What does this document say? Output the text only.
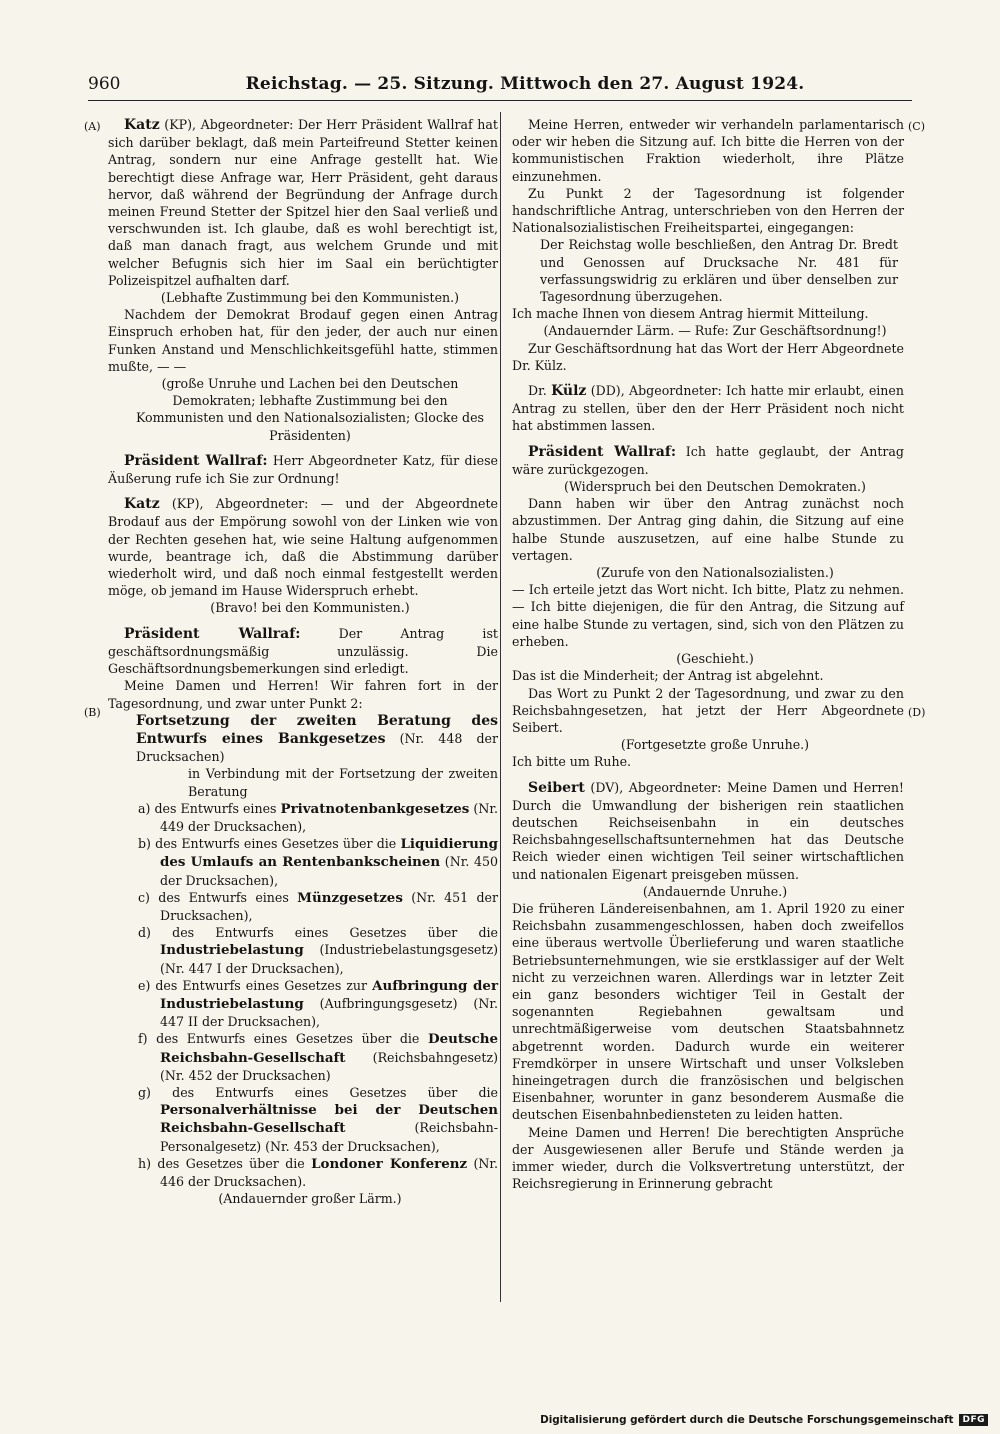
960	Reichstag. — 25. Sitzung. Mittwoch den 27. August 1924.
(A)
(B)
(C)
(D)

Katz (KP), Abgeordneter: Der Herr Präsident Wallraf hat sich darüber beklagt, daß mein Parteifreund Stetter keinen Antrag, sondern nur eine Anfrage gestellt hat. Wie berechtigt diese Anfrage war, Herr Präsident, geht daraus hervor, daß während der Begründung der Anfrage durch meinen Freund Stetter der Spitzel hier den Saal verließ und verschwunden ist. Ich glaube, daß es wohl berechtigt ist, daß man danach fragt, aus welchem Grunde und mit welcher Befugnis sich hier im Saal ein berüchtigter Polizeispitzel aufhalten darf.

(Lebhafte Zustimmung bei den Kommunisten.)

Nachdem der Demokrat Brodauf gegen einen Antrag Einspruch erhoben hat, für den jeder, der auch nur einen Funken Anstand und Menschlichkeitsgefühl hatte, stimmen mußte, — —

(große Unruhe und Lachen bei den Deutschen Demokraten; lebhafte Zustimmung bei den Kommunisten und den Nationalsozialisten; Glocke des Präsidenten)

Präsident Wallraf: Herr Abgeordneter Katz, für diese Äußerung rufe ich Sie zur Ordnung!

Katz (KP), Abgeordneter: — und der Abgeordnete Brodauf aus der Empörung sowohl von der Linken wie von der Rechten gesehen hat, wie seine Haltung aufgenommen wurde, beantrage ich, daß die Abstimmung darüber wiederholt wird, und daß noch einmal festgestellt werden möge, ob jemand im Hause Widerspruch erhebt.

(Bravo! bei den Kommunisten.)

Präsident Wallraf:	Der Antrag ist geschäftsordnungsmäßig unzulässig. Die Geschäftsordnungsbemerkungen sind erledigt.

Meine Damen und Herren! Wir fahren fort in der Tagesordnung, und zwar unter Punkt 2:

Fortsetzung der zweiten Beratung des Entwurfs eines Bankgesetzes (Nr. 448 der Drucksachen)

in Verbindung mit der Fortsetzung der zweiten Beratung

a) des Entwurfs eines Privatnotenbankgesetzes (Nr. 449 der Drucksachen),
b) des Entwurfs eines Gesetzes über die Liquidierung des Umlaufs an Rentenbankscheinen (Nr. 450 der Drucksachen),
c) des Entwurfs eines Münzgesetzes (Nr. 451 der Drucksachen),
d) des Entwurfs eines Gesetzes über die Industriebelastung (Industriebelastungsgesetz) (Nr. 447 I der Drucksachen),
e) des Entwurfs eines Gesetzes zur Aufbringung der Industriebelastung (Aufbringungsgesetz) (Nr. 447 II der Drucksachen),
f) des Entwurfs eines Gesetzes über die Deutsche Reichsbahn-Gesellschaft (Reichsbahngesetz) (Nr. 452 der Drucksachen)
g) des Entwurfs eines Gesetzes über die Personalverhältnisse bei der Deutschen Reichsbahn-Gesellschaft (Reichsbahn-Personalgesetz) (Nr. 453 der Drucksachen),
h) des Gesetzes über die Londoner Konferenz (Nr. 446 der Drucksachen).

(Andauernder großer Lärm.)

Meine Herren, entweder wir verhandeln parlamentarisch oder wir heben die Sitzung auf. Ich bitte die Herren von der kommunistischen Fraktion wiederholt, ihre Plätze einzunehmen.

Zu Punkt 2 der Tagesordnung ist folgender handschriftliche Antrag, unterschrieben von den Herren der Nationalsozialistischen Freiheitspartei, eingegangen:

Der Reichstag wolle beschließen, den Antrag Dr. Bredt und Genossen auf Drucksache Nr. 481 für verfassungswidrig zu erklären und über denselben zur Tagesordnung überzugehen.

Ich mache Ihnen von diesem Antrag hiermit Mitteilung.

(Andauernder Lärm. — Rufe: Zur Geschäftsordnung!)

Zur Geschäftsordnung hat das Wort der Herr Abgeordnete Dr. Külz.

Dr. Külz (DD), Abgeordneter: Ich hatte mir erlaubt, einen Antrag zu stellen, über den der Herr Präsident noch nicht hat abstimmen lassen.

Präsident Wallraf: Ich hatte geglaubt, der Antrag wäre zurückgezogen.

(Widerspruch bei den Deutschen Demokraten.)

Dann haben wir über den Antrag zunächst noch abzustimmen. Der Antrag ging dahin, die Sitzung auf eine halbe Stunde auszusetzen, auf eine halbe Stunde zu vertagen.

(Zurufe von den Nationalsozialisten.)

— Ich erteile jetzt das Wort nicht. Ich bitte, Platz zu nehmen. — Ich bitte diejenigen, die für den Antrag, die Sitzung auf eine halbe Stunde zu vertagen, sind, sich von den Plätzen zu erheben.

(Geschieht.)

Das ist die Minderheit; der Antrag ist abgelehnt.

Das Wort zu Punkt 2 der Tagesordnung, und zwar zu den Reichsbahngesetzen, hat jetzt der Herr Abgeordnete Seibert.

(Fortgesetzte große Unruhe.)

Ich bitte um Ruhe.

Seibert (DV), Abgeordneter: Meine Damen und Herren! Durch die Umwandlung der bisherigen rein staatlichen deutschen Reichseisenbahn in ein deutsches Reichsbahngesellschaftsunternehmen hat das Deutsche Reich wieder einen wichtigen Teil seiner wirtschaftlichen und nationalen Eigenart preisgeben müssen.

(Andauernde Unruhe.)

Die früheren Ländereisenbahnen, am 1. April 1920 zu einer Reichsbahn zusammengeschlossen, haben doch zweifellos eine überaus wertvolle Überlieferung und waren staatliche Betriebsunternehmungen, wie sie erstklassiger auf der Welt nicht zu verzeichnen waren. Allerdings war in letzter Zeit ein ganz besonders wichtiger Teil in Gestalt der sogenannten Regiebahnen gewaltsam und unrechtmäßigerweise vom deutschen Staatsbahnnetz abgetrennt worden. Dadurch wurde ein weiterer Fremdkörper in unsere Wirtschaft und unser Volksleben hineingetragen durch die französischen und belgischen Eisenbahner, worunter in ganz besonderem Ausmaße die deutschen Eisenbahnbediensteten zu leiden hatten.

Meine Damen und Herren! Die berechtigten Ansprüche der Ausgewiesenen aller Berufe und Stände werden ja immer wieder, durch die Volksvertretung unterstützt, der Reichsregierung in Erinnerung gebracht

Digitalisierung gefördert durch die Deutsche Forschungsgemeinschaft	DFG
